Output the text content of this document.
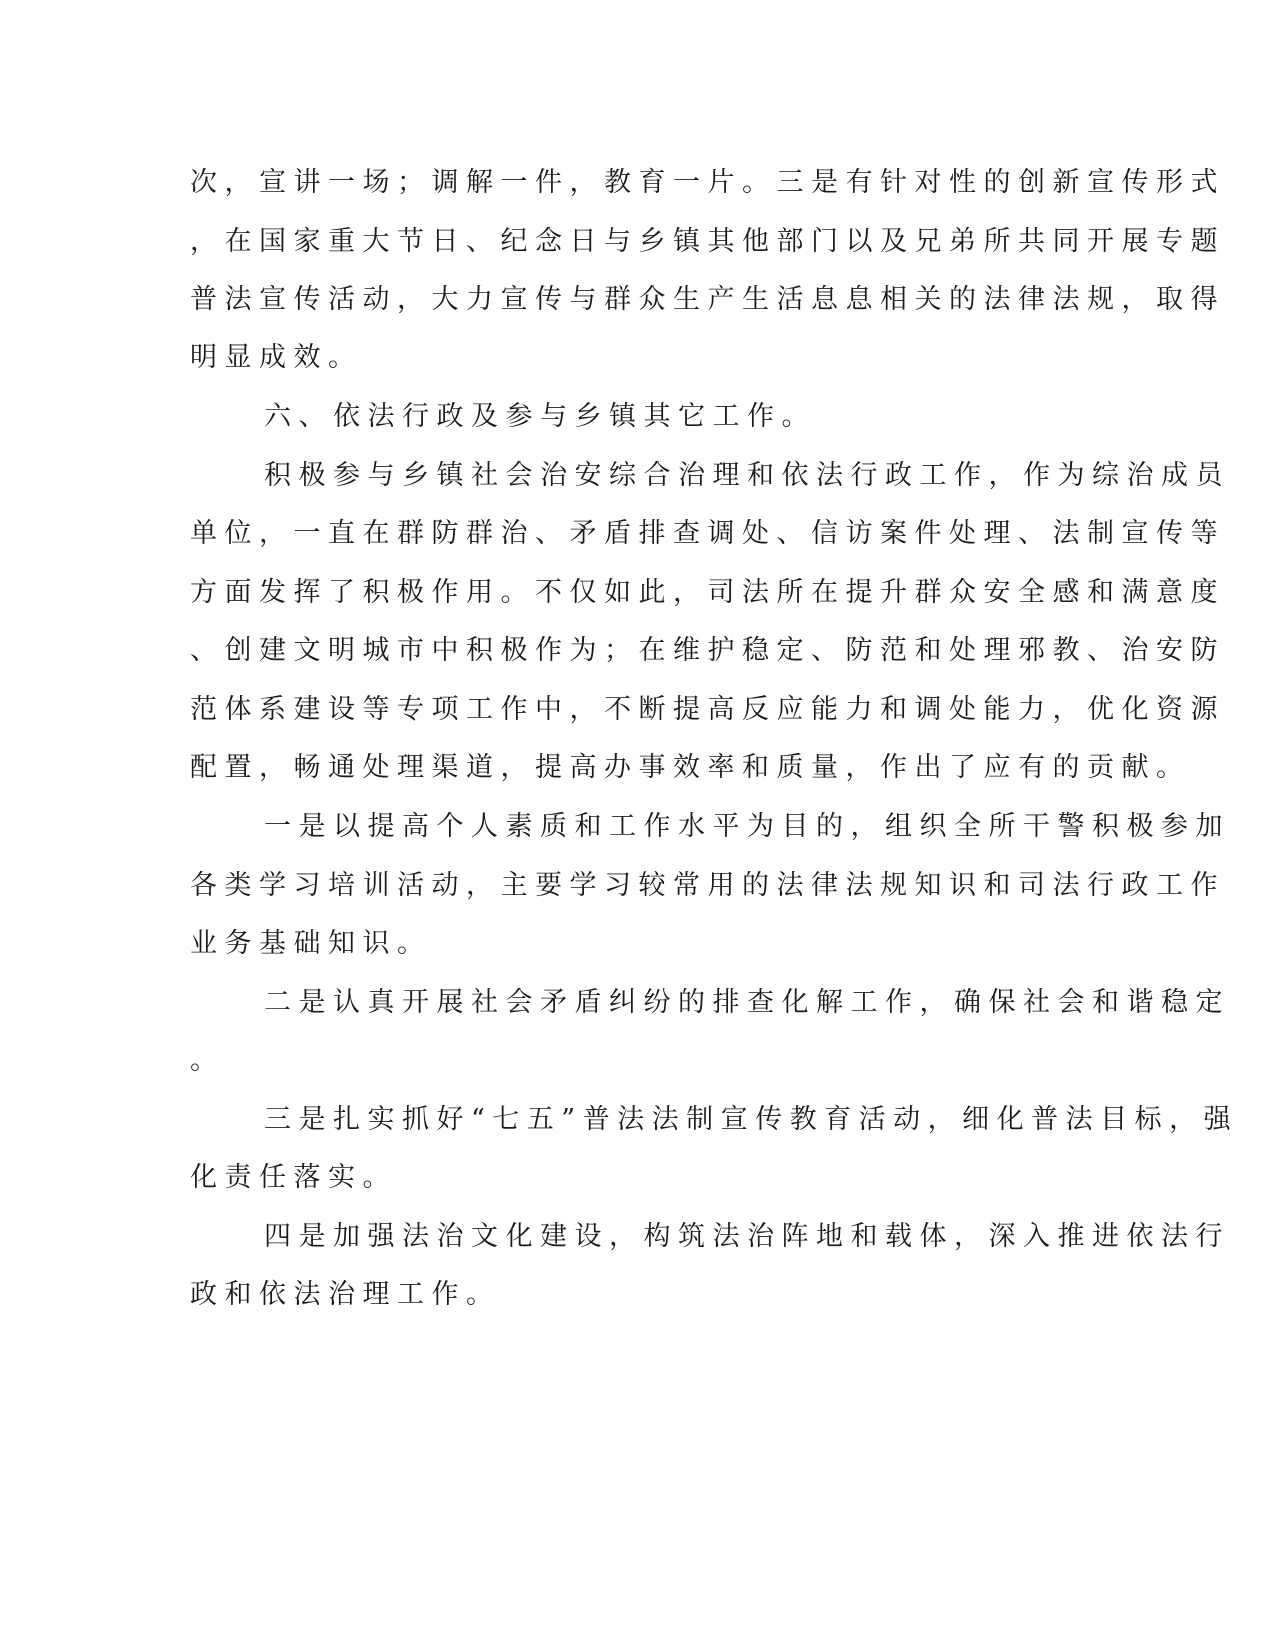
次，宣讲一场；调解一件，教育一片。三是有针对性的创新宣传形式
，在国家重大节日、纪念日与乡镇其他部门以及兄弟所共同开展专题
普法宣传活动，大力宣传与群众生产生活息息相关的法律法规，取得
明显成效。
六、依法行政及参与乡镇其它工作。
积极参与乡镇社会治安综合治理和依法行政工作，作为综治成员
单位，一直在群防群治、矛盾排查调处、信访案件处理、法制宣传等
方面发挥了积极作用。不仅如此，司法所在提升群众安全感和满意度
、创建文明城市中积极作为；在维护稳定、防范和处理邪教、治安防
范体系建设等专项工作中，不断提高反应能力和调处能力，优化资源
配置，畅通处理渠道，提高办事效率和质量，作出了应有的贡献。
一是以提高个人素质和工作水平为目的，组织全所干警积极参加
各类学习培训活动，主要学习较常用的法律法规知识和司法行政工作
业务基础知识。
二是认真开展社会矛盾纠纷的排查化解工作，确保社会和谐稳定
。
三是扎实抓好“七五”普法法制宣传教育活动，细化普法目标，强
化责任落实。
四是加强法治文化建设，构筑法治阵地和载体，深入推进依法行
政和依法治理工作。
